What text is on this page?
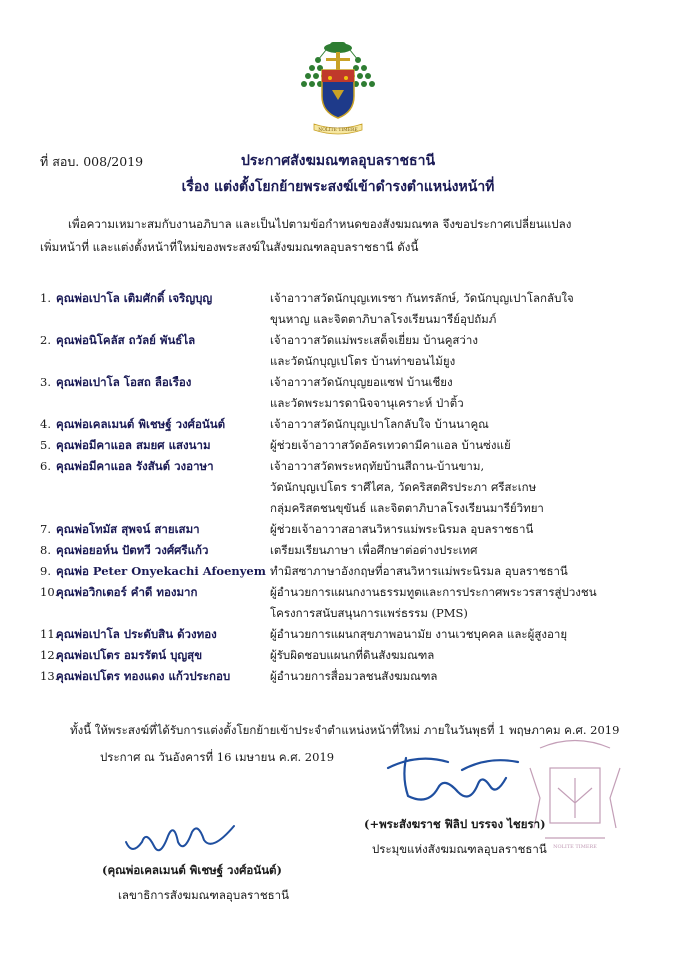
NOLITE TIMERE
ที่ สอบ. 008/2019	ประกาศสังฆมณฑลอุบลราชธานี
เรื่อง แต่งตั้งโยกย้ายพระสงฆ์เข้าดำรงตำแหน่งหน้าที่
เพื่อความเหมาะสมกับงานอภิบาล และเป็นไปตามข้อกำหนดของสังฆมณฑล จึงขอประกาศเปลี่ยนแปลง
เพิ่มหน้าที่ และแต่งตั้งหน้าที่ใหม่ของพระสงฆ์ในสังฆมณฑลอุบลราชธานี ดังนี้
1. คุณพ่อเปาโล เติมศักดิ์ เจริญบุญ	เจ้าอาวาสวัดนักบุญเทเรซา กันทรลักษ์, วัดนักบุญเปาโลกลับใจ
ขุนหาญ และจิตตาภิบาลโรงเรียนมารีย์อุปถัมภ์
2. คุณพ่อนิโคลัส ถวัลย์ พันธ์ไล	เจ้าอาวาสวัดแม่พระเสด็จเยี่ยม บ้านคูสว่าง
และวัดนักบุญเปโตร บ้านท่าขอนไม้ยูง
3. คุณพ่อเปาโล โอสถ ลือเรือง	เจ้าอาวาสวัดนักบุญยอแซฟ บ้านเชียง
และวัดพระมารดานิจจานุเคราะห์ ป่าติ้ว
4. คุณพ่อเคลเมนต์ พิเชษฐ์ วงศ์อนันต์	เจ้าอาวาสวัดนักบุญเปาโลกลับใจ บ้านนาคูณ
5. คุณพ่อมีคาแอล สมยศ แสงนาม	ผู้ช่วยเจ้าอาวาสวัดอัครเทวดามีคาแอล บ้านซ่งแย้
6. คุณพ่อมีคาแอล รังสันต์ วงอาษา	เจ้าอาวาสวัดพระหฤทัยบ้านสีถาน-บ้านขาม,
วัดนักบุญเปโตร ราศีไศล, วัดคริสตศิรประภา ศรีสะเกษ
กลุ่มคริสตชนขุขันธ์ และจิตตาภิบาลโรงเรียนมารีย์วิทยา
7. คุณพ่อโทมัส สุพจน์ สายเสมา	ผู้ช่วยเจ้าอาวาสอาสนวิหารแม่พระนิรมล อุบลราชธานี
8. คุณพ่อยอห์น ปัตทวี วงศ์ศรีแก้ว	เตรียมเรียนภาษา เพื่อศึกษาต่อต่างประเทศ
9. คุณพ่อ Peter Onyekachi Afoenyem ทำมิสซาภาษาอังกฤษที่อาสนวิหารแม่พระนิรมล อุบลราชธานี
10.
คุณพ่อวิกเตอร์ คำดี ทองมาก	ผู้อำนวยการแผนกงานธรรมทูตและการประกาศพระวรสารสู่ปวงชน
โครงการสนับสนุนการแพร่ธรรม (PMS)
11.
คุณพ่อเปาโล ประดับสิน ด้วงทอง	ผู้อำนวยการแผนกสุขภาพอนามัย งานเวชบุคคล และผู้สูงอายุ
12.
คุณพ่อเปโตร อมรรัตน์ บุญสุข	ผู้รับผิดชอบแผนกที่ดินสังฆมณฑล
13.
คุณพ่อเปโตร ทองแดง แก้วประกอบ	ผู้อำนวยการสื่อมวลชนสังฆมณฑล
ทั้งนี้ ให้พระสงฆ์ที่ได้รับการแต่งตั้งโยกย้ายเข้าประจำตำแหน่งหน้าที่ใหม่ ภายในวันพุธที่ 1 พฤษภาคม ค.ศ. 2019
ประกาศ ณ วันอังคารที่ 16 เมษายน ค.ศ. 2019
NOLITE TIMERE
(+พระสังฆราช ฟิลิป บรรจง ไชยรา)
ประมุขแห่งสังฆมณฑลอุบลราชธานี
(คุณพ่อเคลเมนต์ พิเชษฐ์ วงศ์อนันต์)
เลขาธิการสังฆมณฑลอุบลราชธานี
